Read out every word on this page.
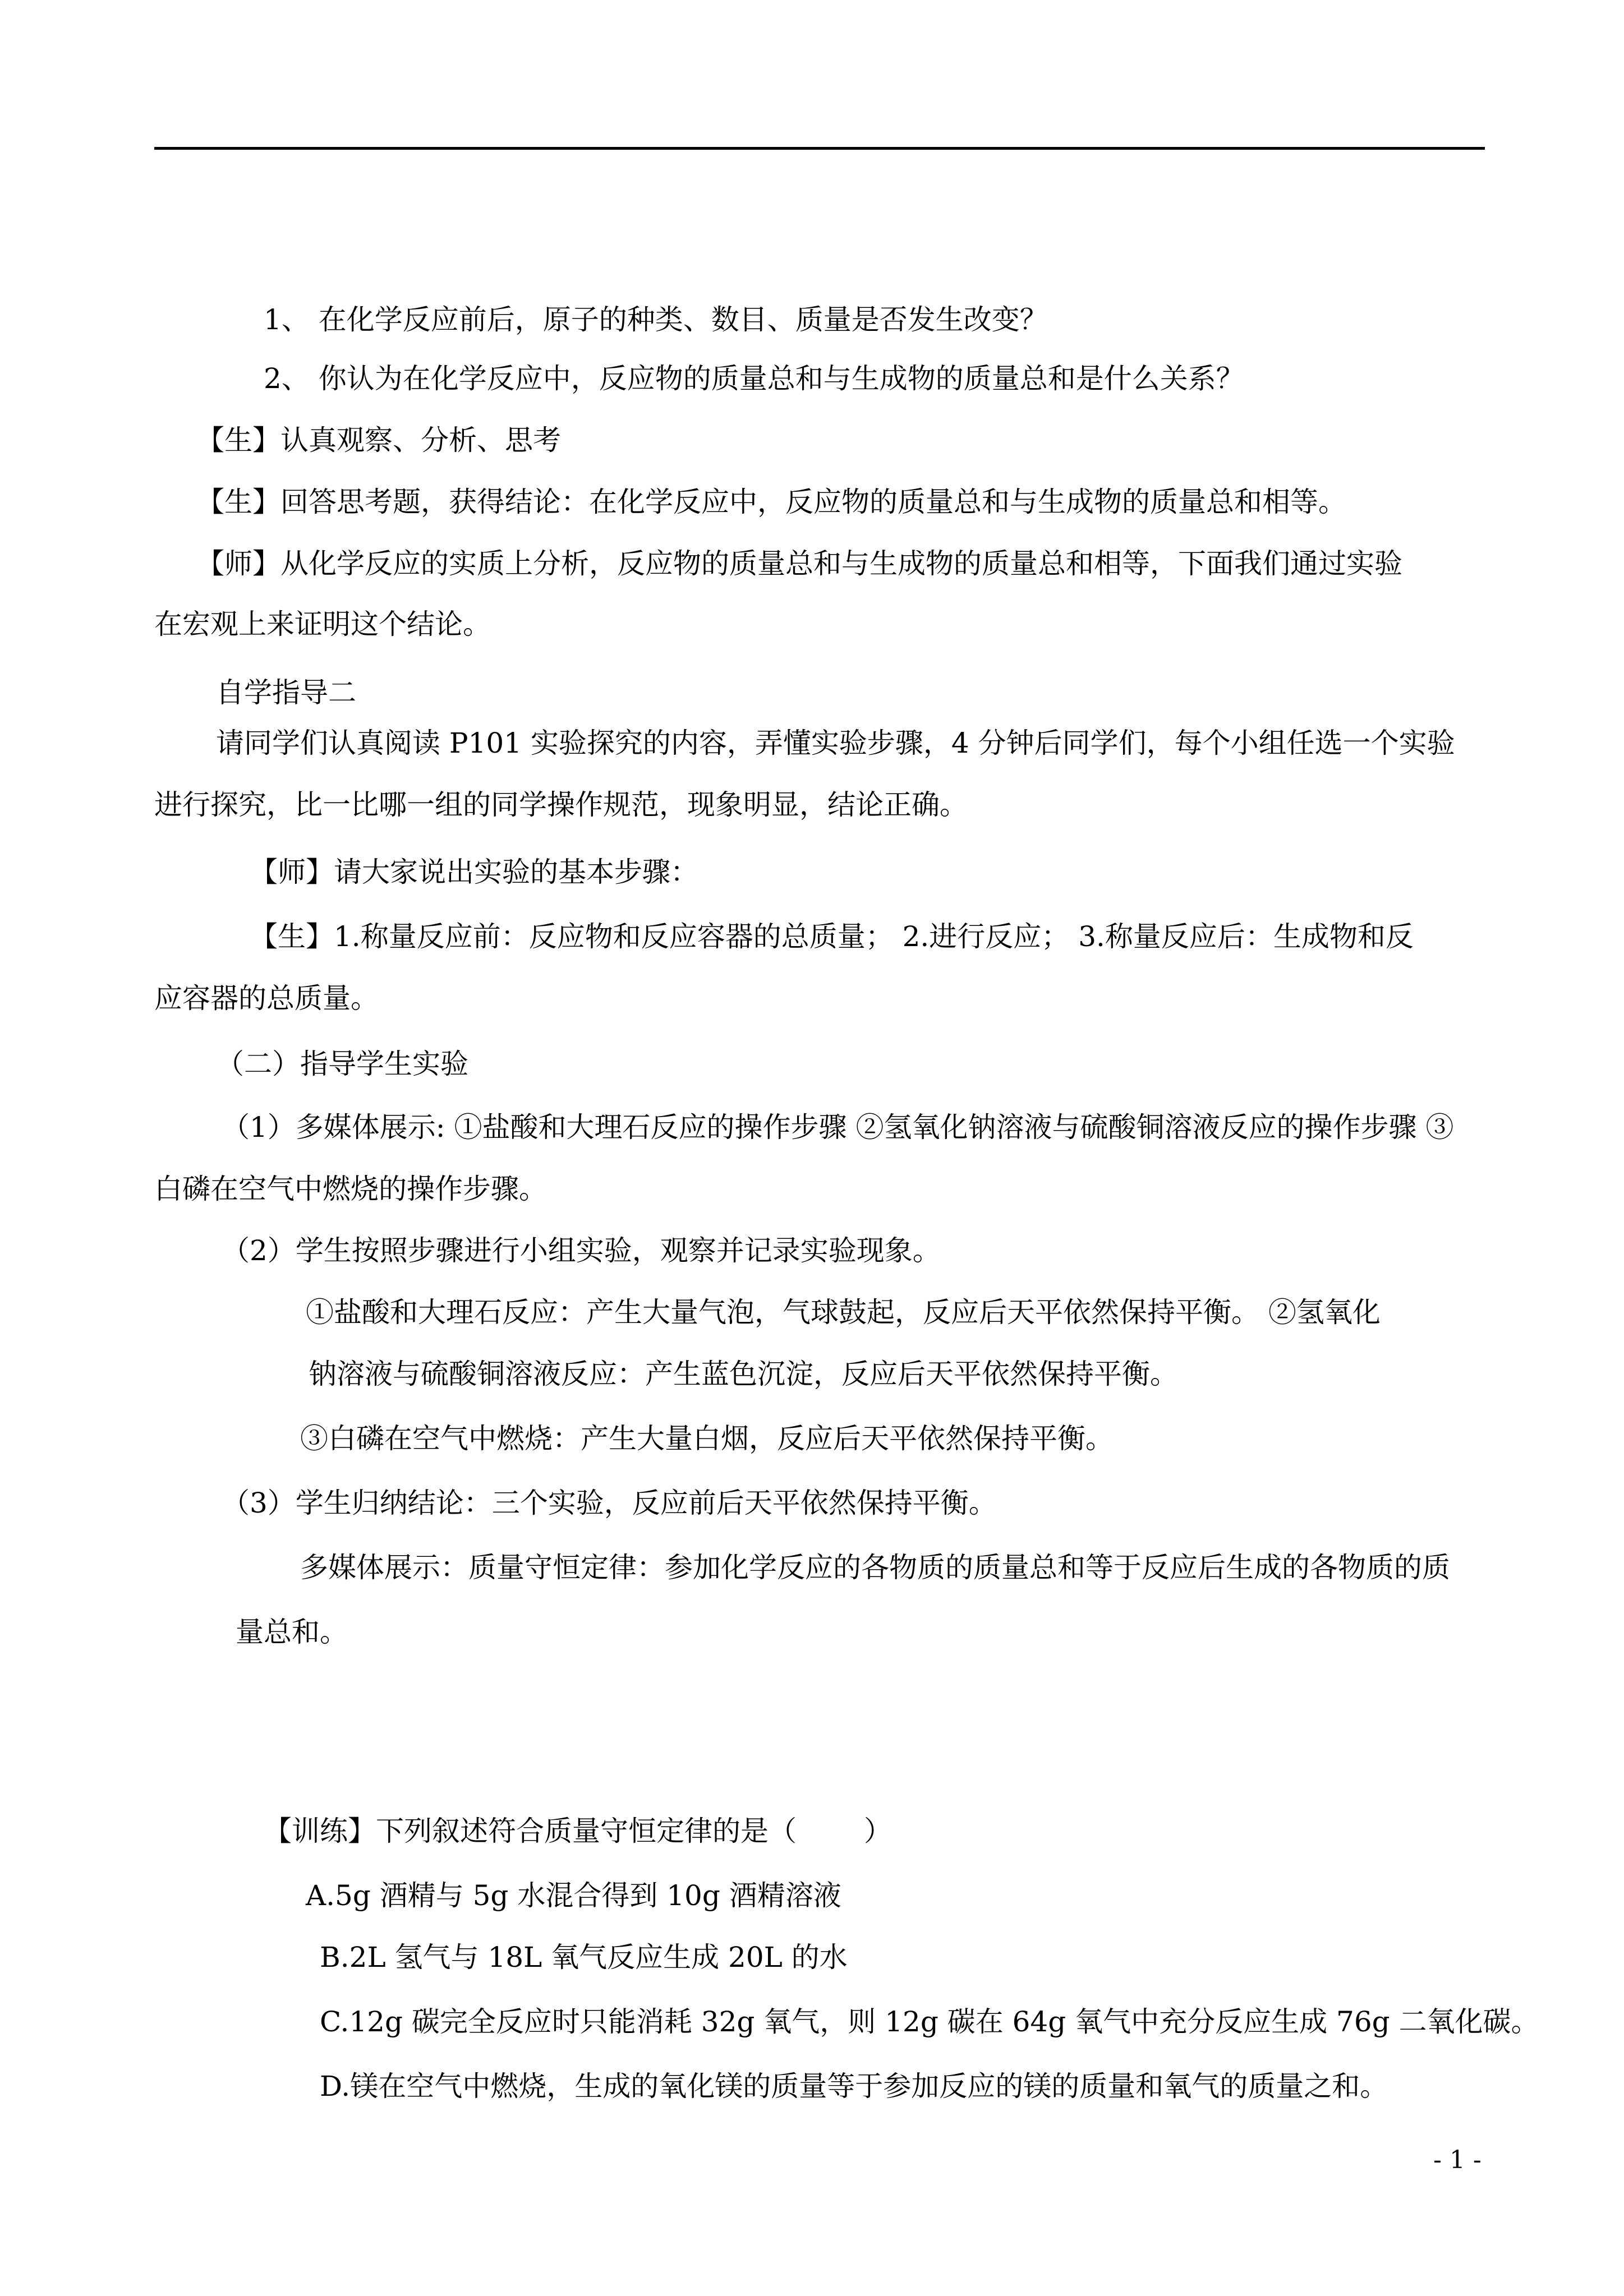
1、 在化学反应前后，原子的种类、数目、质量是否发生改变？
2、 你认为在化学反应中，反应物的质量总和与生成物的质量总和是什么关系？
【生】认真观察、分析、思考
【生】回答思考题，获得结论：在化学反应中，反应物的质量总和与生成物的质量总和相等。
【师】从化学反应的实质上分析，反应物的质量总和与生成物的质量总和相等，下面我们通过实验
在宏观上来证明这个结论。
自学指导二
请同学们认真阅读 P101 实验探究的内容，弄懂实验步骤，4 分钟后同学们，每个小组任选一个实验
进行探究，比一比哪一组的同学操作规范，现象明显，结论正确。
【师】请大家说出实验的基本步骤：
【生】1.称量反应前：反应物和反应容器的总质量； 2.进行反应； 3.称量反应后：生成物和反
应容器的总质量。
（二）指导学生实验
（1）多媒体展示: ①盐酸和大理石反应的操作步骤 ②氢氧化钠溶液与硫酸铜溶液反应的操作步骤 ③
白磷在空气中燃烧的操作步骤。
（2）学生按照步骤进行小组实验，观察并记录实验现象。
①盐酸和大理石反应：产生大量气泡，气球鼓起，反应后天平依然保持平衡。 ②氢氧化
钠溶液与硫酸铜溶液反应：产生蓝色沉淀，反应后天平依然保持平衡。
③白磷在空气中燃烧：产生大量白烟，反应后天平依然保持平衡。
（3）学生归纳结论：三个实验，反应前后天平依然保持平衡。
多媒体展示：质量守恒定律：参加化学反应的各物质的质量总和等于反应后生成的各物质的质
量总和。
【训练】下列叙述符合质量守恒定律的是（ ）
A.5g 酒精与 5g 水混合得到 10g 酒精溶液
B.2L 氢气与 18L 氧气反应生成 20L 的水
C.12g 碳完全反应时只能消耗 32g 氧气，则 12g 碳在 64g 氧气中充分反应生成 76g 二氧化碳。
D.镁在空气中燃烧，生成的氧化镁的质量等于参加反应的镁的质量和氧气的质量之和。
- 1 -
